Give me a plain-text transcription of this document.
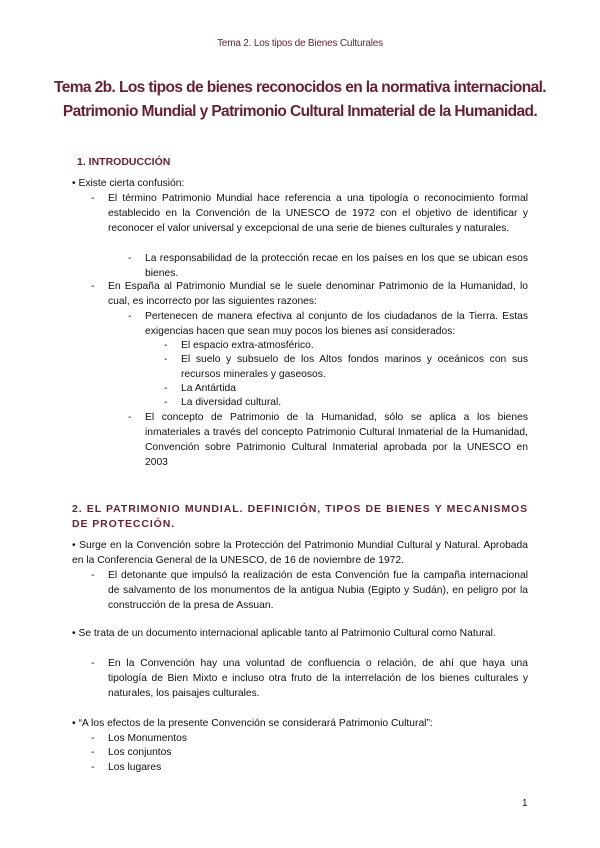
Tema 2. Los tipos de Bienes Culturales
Tema 2b. Los tipos de bienes reconocidos en la normativa internacional.
Patrimonio Mundial y Patrimonio Cultural Inmaterial de la Humanidad.
1. INTRODUCCIÓN
• Existe cierta confusión:
- El término Patrimonio Mundial hace referencia a una tipología o reconocimiento formal establecido en la Convención de la UNESCO de 1972 con el objetivo de identificar y reconocer el valor universal y excepcional de una serie de bienes culturales y naturales.
- La responsabilidad de la protección recae en los países en los que se ubican esos bienes.
- En España al Patrimonio Mundial se le suele denominar Patrimonio de la Humanidad, lo cual, es incorrecto por las siguientes razones:
- Pertenecen de manera efectiva al conjunto de los ciudadanos de la Tierra. Estas exigencias hacen que sean muy pocos los bienes así considerados:
- El espacio extra-atmosférico.
- El suelo y subsuelo de los Altos fondos marinos y oceánicos con sus recursos minerales y gaseosos.
- La Antártida
- La diversidad cultural.
- El concepto de Patrimonio de la Humanidad, sólo se aplica a los bienes inmateriales a través del concepto Patrimonio Cultural Inmaterial de la Humanidad, Convención sobre Patrimonio Cultural Inmaterial aprobada por la UNESCO en 2003
2. EL PATRIMONIO MUNDIAL. DEFINICIÓN, TIPOS DE BIENES Y MECANISMOS DE PROTECCIÓN.
• Surge en la Convención sobre la Protección del Patrimonio Mundial Cultural y Natural. Aprobada en la Conferencia General de la UNESCO, de 16 de noviembre de 1972.
- El detonante que impulsó la realización de esta Convención fue la campaña internacional de salvamento de los monumentos de la antigua Nubia (Egipto y Sudán), en peligro por la construcción de la presa de Assuan.
• Se trata de un documento internacional aplicable tanto al Patrimonio Cultural como Natural.
- En la Convención hay una voluntad de confluencia o relación, de ahí que haya una tipología de Bien Mixto e incluso otra fruto de la interrelación de los bienes culturales y naturales, los paisajes culturales.
• “A los efectos de la presente Convención se considerará Patrimonio Cultural”:
- Los Monumentos
- Los conjuntos
- Los lugares
1
